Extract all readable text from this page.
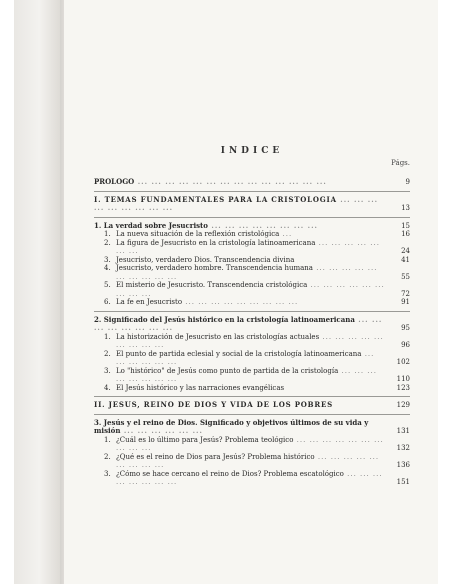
INDICE

Págs.
PROLOGO ... ... ... ... ... ... ... ... ... ... ... ... ... ...	9
I. TEMAS FUNDAMENTALES PARA LA CRISTOLOGIA ... ... ... ... ... ... ... ... ...	13
1. La verdad sobre Jesucristo ... ... ... ... ... ... ... ...	15
1. La nueva situación de la reflexión cristológica ...	16
2. La figura de Jesucristo en la cristología latinoamericana ... ... ... ... ... ... ...	24
3. Jesucristo, verdadero Dios. Transcendencia divina	41
4. Jesucristo, verdadero hombre. Transcendencia humana ... ... ... ... ... ... ... ... ... ...	55
5. El misterio de Jesucristo. Transcendencia cristológica ... ... ... ... ... ... ... ... ...	72
6. La fe en Jesucristo ... ... ... ... ... ... ... ... ...	91
2. Significado del Jesús histórico en la cristología latinoamericana ... ... ... ... ... ... ... ...	95
1. La historización de Jesucristo en las cristologías actuales ... ... ... ... ... ... ... ... ...	96
2. El punto de partida eclesial y social de la cristología latinoamericana ... ... ... ... ... ...	102
3. Lo "histórico" de Jesús como punto de partida de la cristología ... ... ... ... ... ... ... ...	110
4. El Jesús histórico y las narraciones evangélicas	123
II. JESUS, REINO DE DIOS Y VIDA DE LOS POBRES	129
3. Jesús y el reino de Dios. Significado y objetivos últimos de su vida y misión ... ... ... ... ... ...	131
1. ¿Cuál es lo último para Jesús? Problema teológico ... ... ... ... ... ... ... ... ... ...	132
2. ¿Qué es el reino de Dios para Jesús? Problema histórico ... ... ... ... ... ... ... ... ...	136
3. ¿Cómo se hace cercano el reino de Dios? Problema escatológico ... ... ... ... ... ... ... ...	151
